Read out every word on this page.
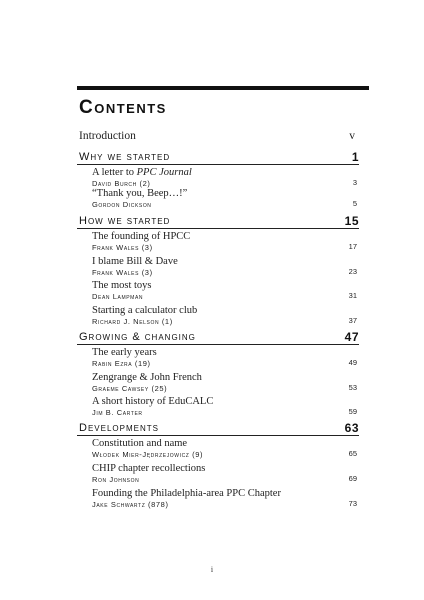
Contents
Introduction	v
Why we started	1
A letter to PPC Journal
David Burch (2)	3
“Thank you, Beep…!”
Gordon Dickson	5
How we started	15
The founding of HPCC
Frank Wales (3)	17
I blame Bill & Dave
Frank Wales (3)	23
The most toys
Dean Lampman	31
Starting a calculator club
Richard J. Nelson (1)	37
Growing & changing	47
The early years
Rabin Ezra (19)	49
Zengrange & John French
Graeme Cawsey (25)	53
A short history of EduCALC
Jim B. Carter	59
Developments	63
Constitution and name
Włodek Mier-Jędrzejowicz (9)	65
CHIP chapter recollections
Ron Johnson	69
Founding the Philadelphia-area PPC Chapter
Jake Schwartz (878)	73
i
